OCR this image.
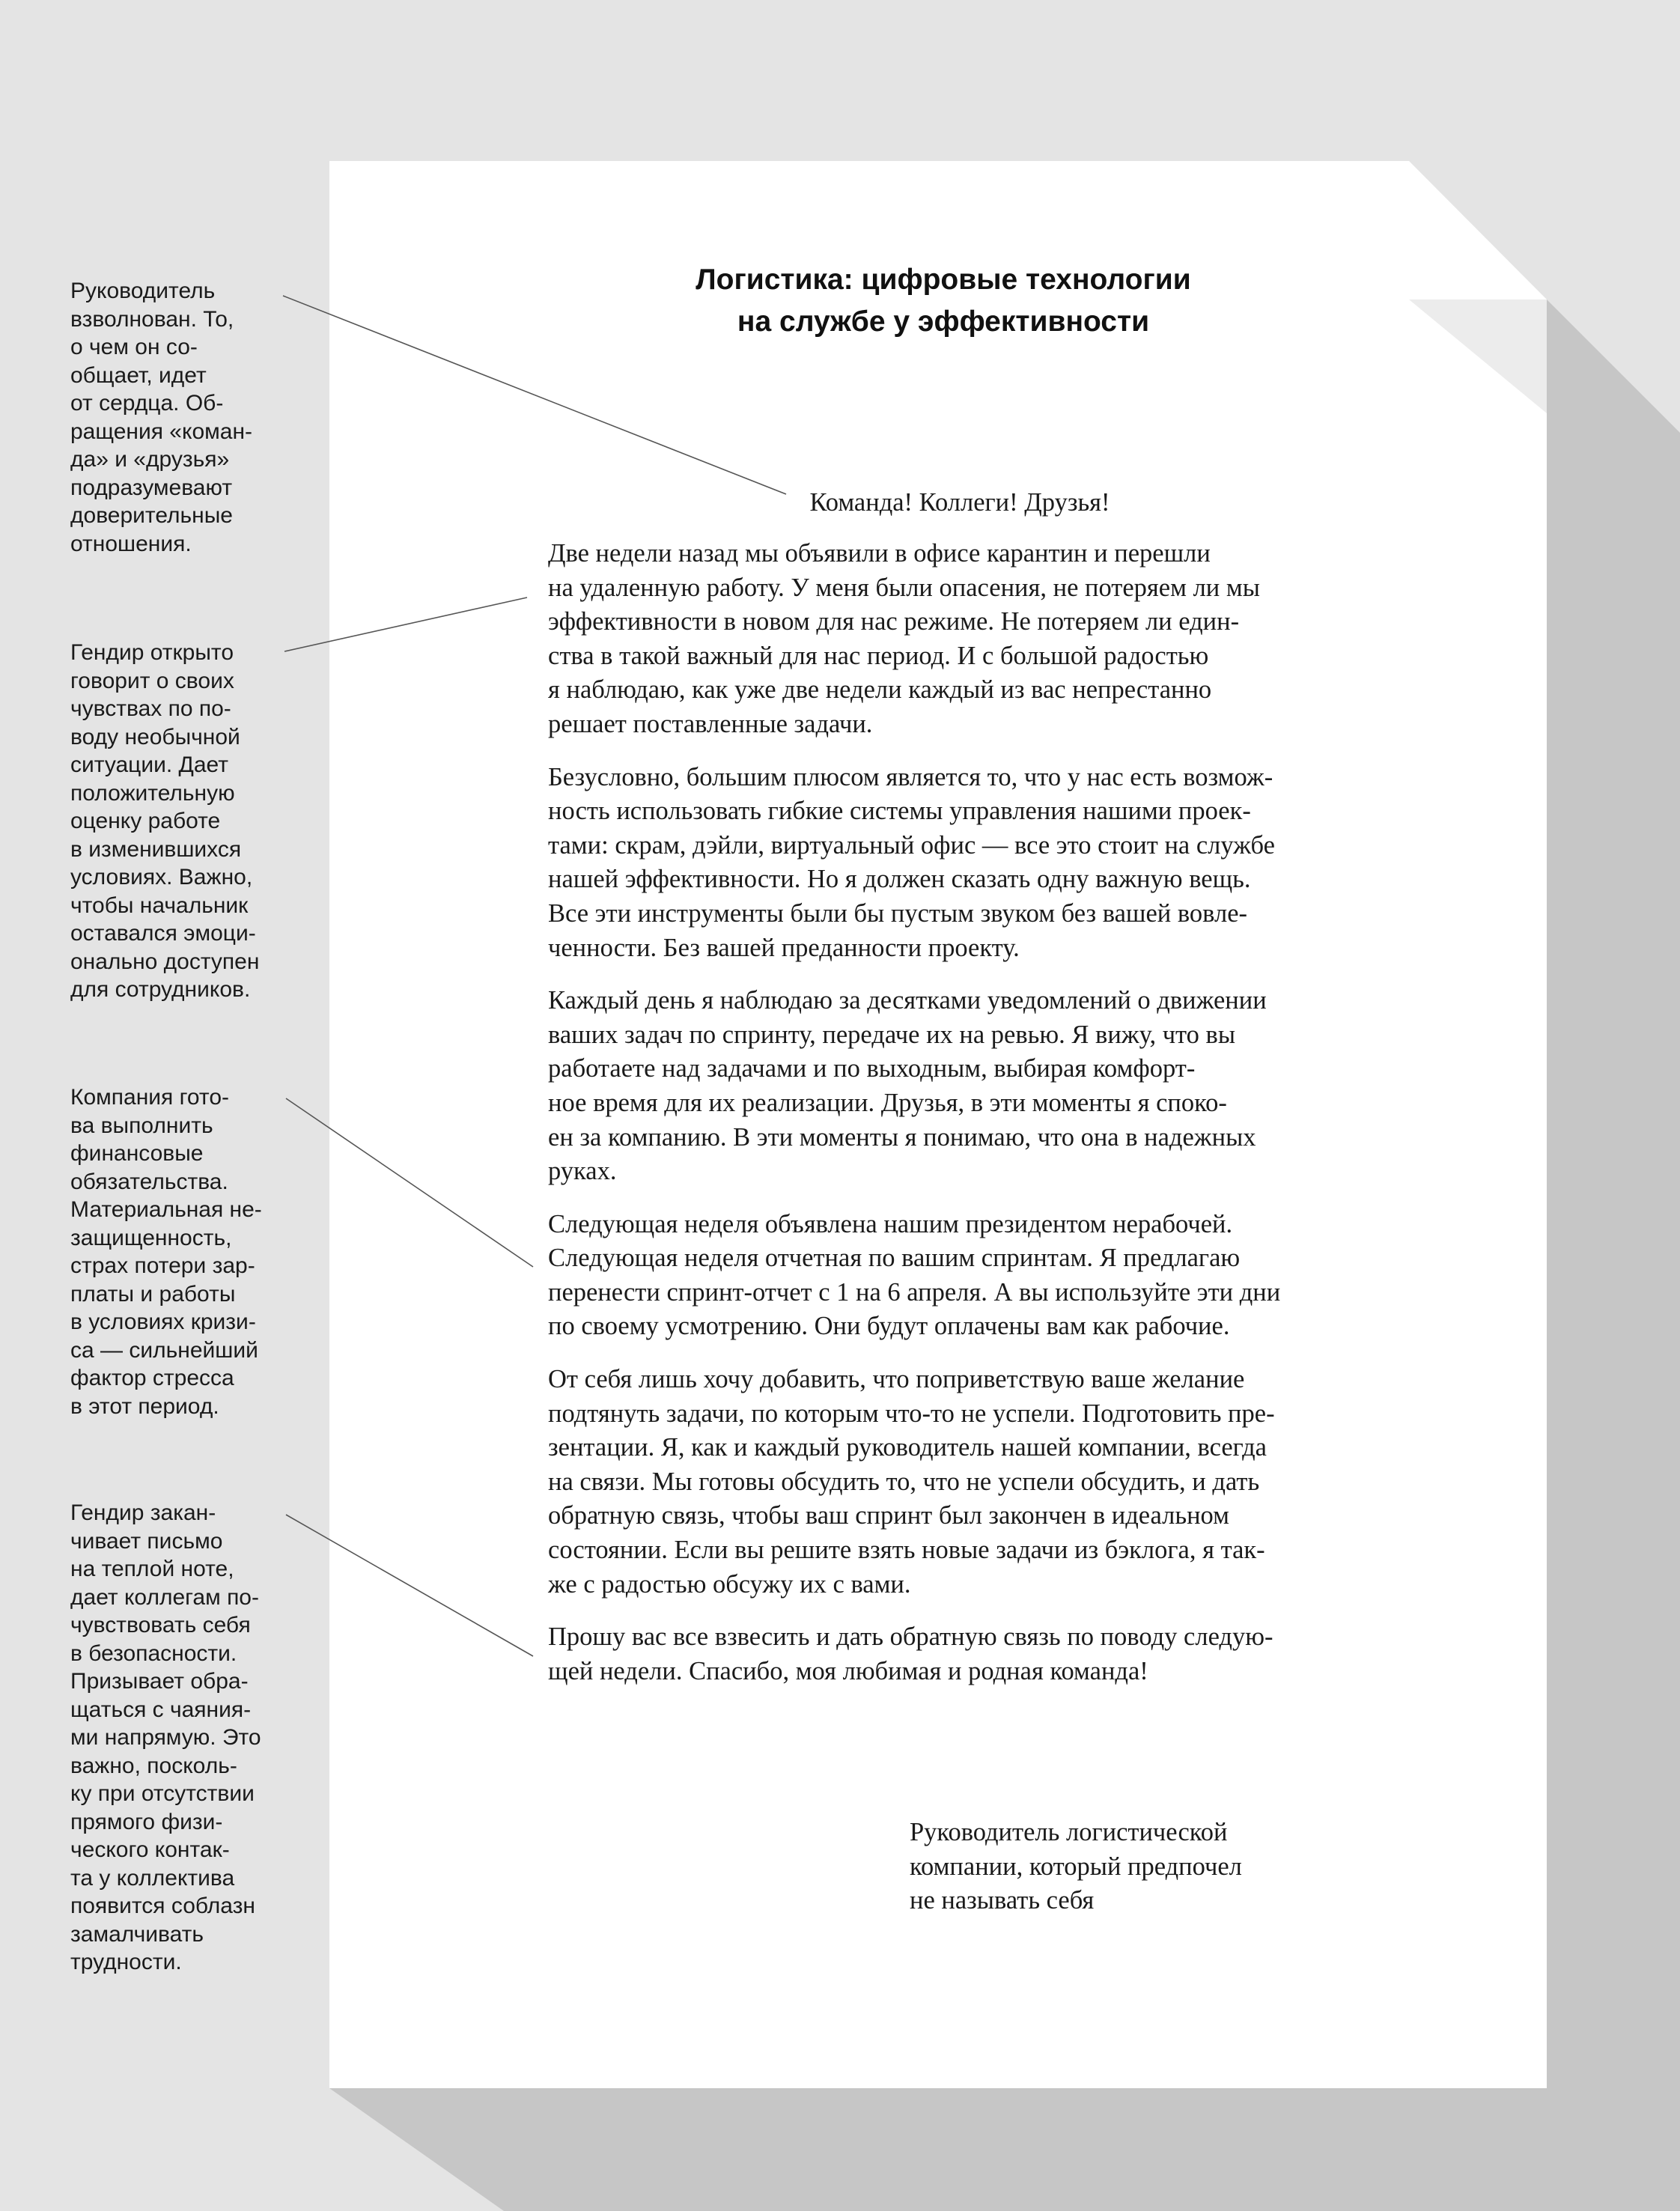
Руководитель
взволнован. То,
о чем он со-
общает, идет
от сердца. Об-
ращения «коман-
да» и «друзья»
подразумевают
доверительные
отношения.

Гендир открыто
говорит о своих
чувствах по по-
воду необычной
ситуации. Дает
положительную
оценку работе
в изменившихся
условиях. Важно,
чтобы начальник
оставался эмоци-
онально доступен
для сотрудников.

Компания гото-
ва выполнить
финансовые
обязательства.
Материальная не-
защищенность,
страх потери зар-
платы и работы
в условиях кризи-
са — сильнейший
фактор стресса
в этот период.

Гендир закан-
чивает письмо
на теплой ноте,
дает коллегам по-
чувствовать себя
в безопасности.
Призывает обра-
щаться с чаяния-
ми напрямую. Это
важно, посколь-
ку при отсутствии
прямого физи-
ческого контак-
та у коллектива
появится соблазн
замалчивать
трудности.

Логистика: цифровые технологии
на службе у эффективности

Команда! Коллеги! Друзья!

Две недели назад мы объявили в офисе карантин и перешли
на удаленную работу. У меня были опасения, не потеряем ли мы
эффективности в новом для нас режиме. Не потеряем ли един-
ства в такой важный для нас период. И с большой радостью
я наблюдаю, как уже две недели каждый из вас непрестанно
решает поставленные задачи.

Безусловно, большим плюсом является то, что у нас есть возмож-
ность использовать гибкие системы управления нашими проек-
тами: скрам, дэйли, виртуальный офис — все это стоит на службе
нашей эффективности. Но я должен сказать одну важную вещь.
Все эти инструменты были бы пустым звуком без вашей вовле-
ченности. Без вашей преданности проекту.

Каждый день я наблюдаю за десятками уведомлений о движении
ваших задач по спринту, передаче их на ревью. Я вижу, что вы
работаете над задачами и по выходным, выбирая комфорт-
ное время для их реализации. Друзья, в эти моменты я споко-
ен за компанию. В эти моменты я понимаю, что она в надежных
руках.

Следующая неделя объявлена нашим президентом нерабочей.
Следующая неделя отчетная по вашим спринтам. Я предлагаю
перенести спринт-отчет с 1 на 6 апреля. А вы используйте эти дни
по своему усмотрению. Они будут оплачены вам как рабочие.

От себя лишь хочу добавить, что поприветствую ваше желание
подтянуть задачи, по которым что-то не успели. Подготовить пре-
зентации. Я, как и каждый руководитель нашей компании, всегда
на связи. Мы готовы обсудить то, что не успели обсудить, и дать
обратную связь, чтобы ваш спринт был закончен в идеальном
состоянии. Если вы решите взять новые задачи из бэклога, я так-
же с радостью обсужу их с вами.

Прошу вас все взвесить и дать обратную связь по поводу следую-
щей недели. Спасибо, моя любимая и родная команда!

Руководитель логистической
компании, который предпочел
не называть себя
